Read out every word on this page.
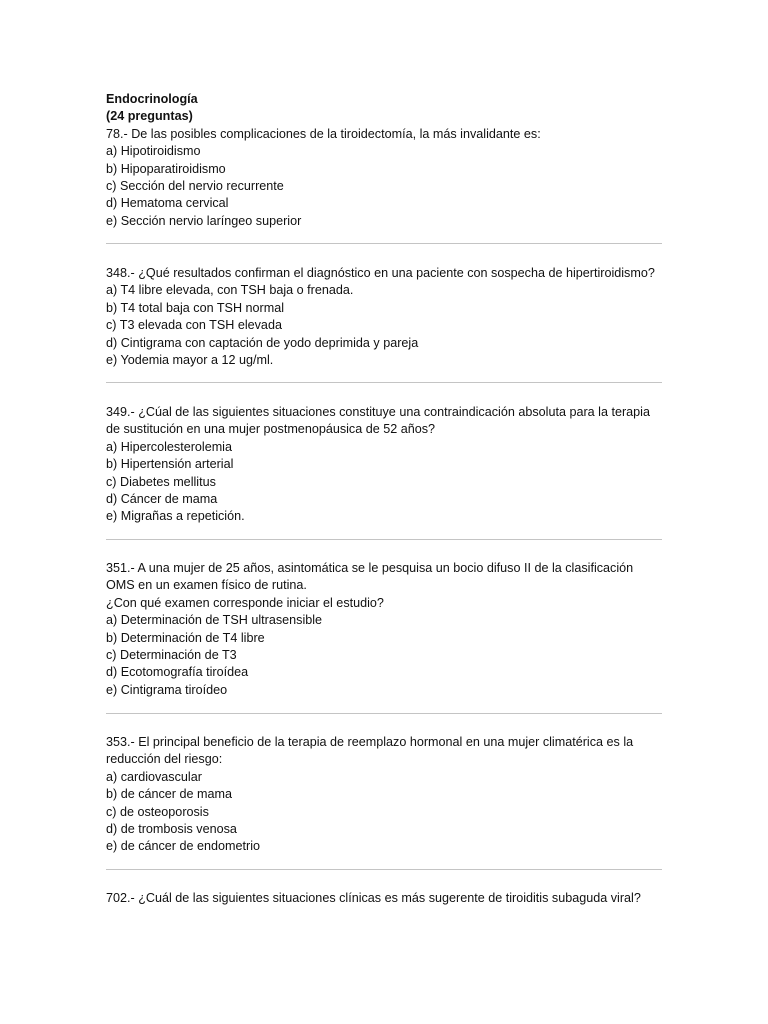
Endocrinología
(24 preguntas)
78.- De las posibles complicaciones de la tiroidectomía, la más invalidante es:
a) Hipotiroidismo
b) Hipoparatiroidismo
c) Sección del nervio recurrente
d) Hematoma cervical
e) Sección nervio laríngeo superior
348.- ¿Qué resultados confirman el diagnóstico en una paciente con sospecha de hipertiroidismo?
a) T4 libre elevada, con TSH baja o frenada.
b) T4 total baja con TSH normal
c) T3 elevada con TSH elevada
d) Cintigrama con captación de yodo deprimida y pareja
e) Yodemia mayor a 12 ug/ml.
349.- ¿Cúal de las siguientes situaciones constituye una contraindicación absoluta para la terapia
de sustitución en una mujer postmenopáusica de 52 años?
a) Hipercolesterolemia
b) Hipertensión arterial
c) Diabetes mellitus
d) Cáncer de mama
e) Migrañas a repetición.
351.- A una mujer de 25 años, asintomática se le pesquisa un bocio difuso II de la clasificación
OMS en un examen físico de rutina.
¿Con qué examen corresponde iniciar el estudio?
a) Determinación de TSH ultrasensible
b) Determinación de T4 libre
c) Determinación de T3
d) Ecotomografía tiroídea
e) Cintigrama tiroídeo
353.- El principal beneficio de la terapia de reemplazo hormonal en una mujer climatérica es la
reducción del riesgo:
a) cardiovascular
b) de cáncer de mama
c) de osteoporosis
d) de trombosis venosa
e) de cáncer de endometrio
702.- ¿Cuál de las siguientes situaciones clínicas es más sugerente de tiroiditis subaguda viral?
